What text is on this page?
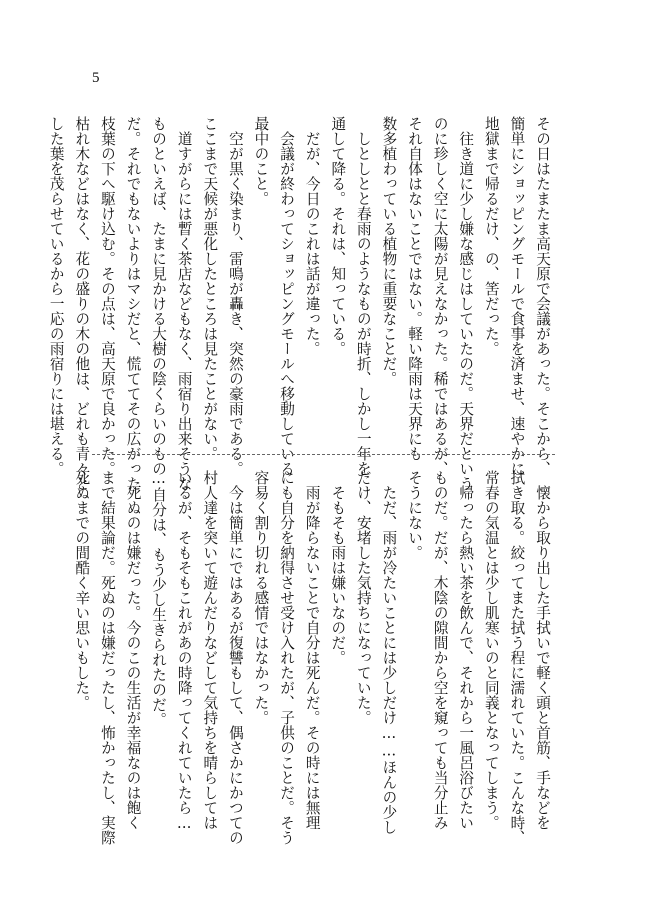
5
その日はたまたま高天原で会議があった。そこから、
簡単にショッピングモールで食事を済ませ、速やかに
地獄まで帰るだけ、の、筈だった。
　往き道に少し嫌な感じはしていたのだ。天界だという
のに珍しく空に太陽が見えなかった。稀ではあるが、
それ自体はないことではない。軽い降雨は天界にも
数多植わっている植物に重要なことだ。
　しとしとと春雨のようなものが時折、しかし一年を
通して降る。それは、知っている。
　だが、今日のこれは話が違った。
　会議が終わってショッピングモールへ移動している
最中のこと。
　空が黒く染まり、雷鳴が轟き、突然の豪雨である。
ここまで天候が悪化したところは見たことがない。
　道すがらには暫く茶店などもなく、雨宿り出来そうな
ものといえば、たまに見かける大樹の陰くらいのもの
だ。それでもないよりはマシだと、慌ててその広がった
枝葉の下へ駆け込む。その点は、高天原で良かった。
枯れ木などはなく、花の盛りの木の他は、どれも青々と
した葉を茂らせているから一応の雨宿りには堪える。
　懐から取り出した手拭いで軽く頭と首筋、手などを
拭き取る。絞ってまた拭う程に濡れていた。こんな時、
常春の気温とは少し肌寒いのと同義となってしまう。
　帰ったら熱い茶を飲んで、それから一風呂浴びたい
ものだ。だが、木陰の隙間から空を窺っても当分止み
そうにない。
　ただ、雨が冷たいことには少しだけ……ほんの少し
だけ、安堵した気持ちになっていた。
　そもそも雨は嫌いなのだ。
　雨が降らないことで自分は死んだ。その時には無理
にも自分を納得させ受け入れたが、子供のことだ。そう
容易く割り切れる感情ではなかった。
　今は簡単にではあるが復讐もして、偶さかにかつての
村人達を突いて遊んだりなどして気持ちを晴らしては
いるが、そもそもこれがあの時降ってくれていたら…
…自分は、もう少し生きられたのだ。
　死ぬのは嫌だった。今のこの生活が幸福なのは飽く
まで結果論だ。死ぬのは嫌だったし、怖かったし、実際
死ぬまでの間酷く辛い思いもした。
